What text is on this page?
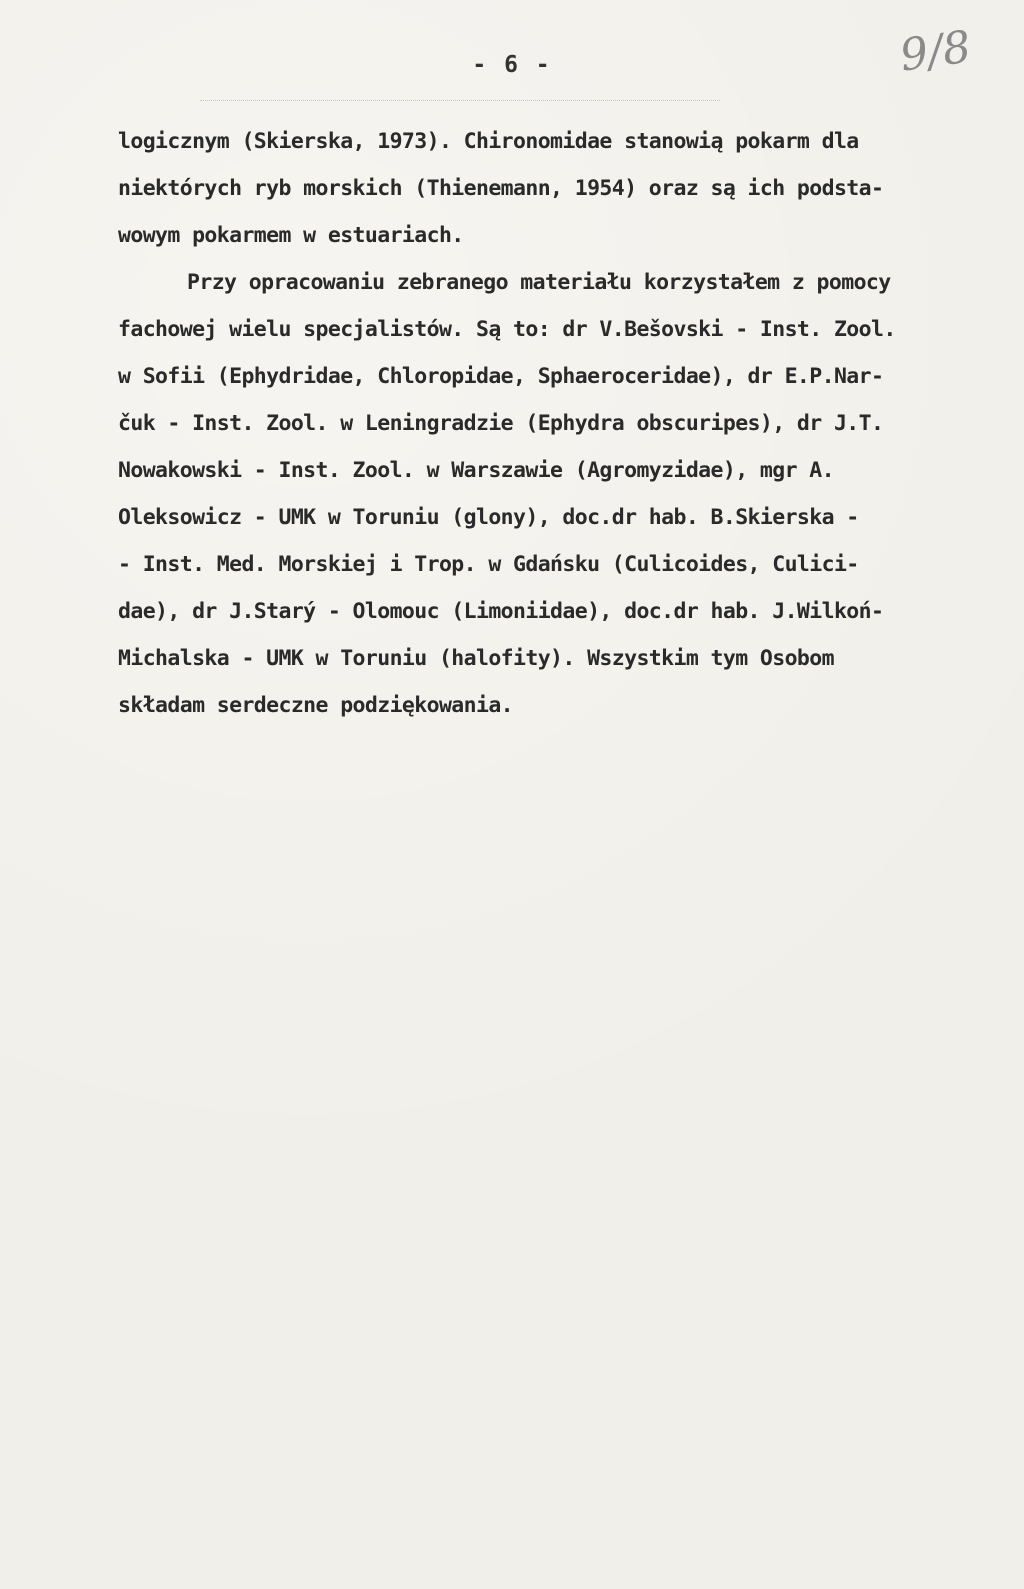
- 6 -	9/8
logicznym (Skierska, 1973). Chironomidae stanowią pokarm dla
niektórych ryb morskich (Thienemann, 1954) oraz są ich podsta-
wowym pokarmem w estuariach.
Przy opracowaniu zebranego materiału korzystałem z pomocy
fachowej wielu specjalistów. Są to: dr V.Bešovski - Inst. Zool.
w Sofii (Ephydridae, Chloropidae, Sphaeroceridae), dr E.P.Nar-
čuk - Inst. Zool. w Leningradzie (Ephydra obscuripes), dr J.T.
Nowakowski - Inst. Zool. w Warszawie (Agromyzidae), mgr A.
Oleksowicz - UMK w Toruniu (glony), doc.dr hab. B.Skierska -
- Inst. Med. Morskiej i Trop. w Gdańsku (Culicoides, Culici-
dae), dr J.Starý - Olomouc (Limoniidae), doc.dr hab. J.Wilkoń-
Michalska - UMK w Toruniu (halofity). Wszystkim tym Osobom
składam serdeczne podziękowania.
